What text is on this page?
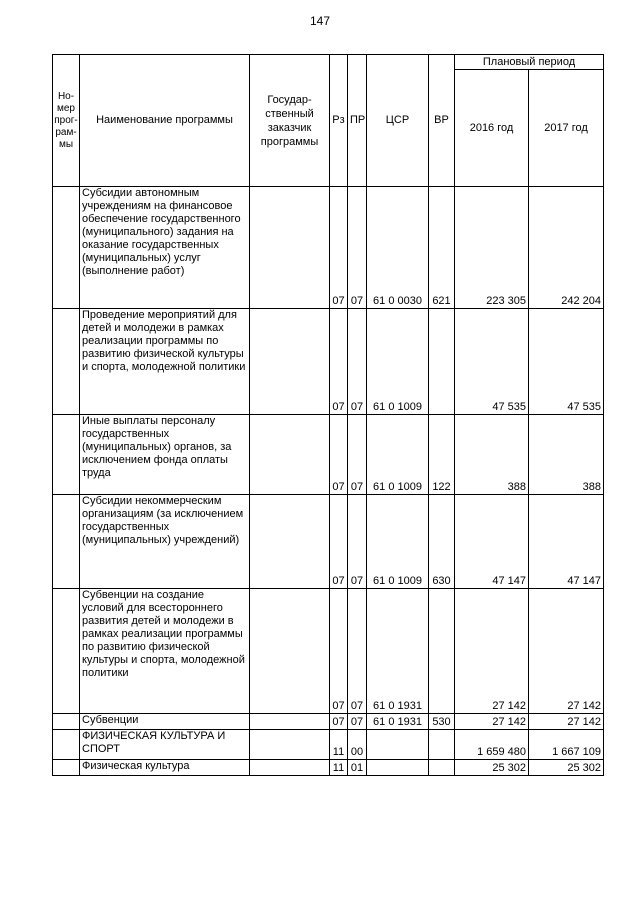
147
Но-
мер
прог-
рам-
мы	Наименование программы	Государ-
ственный
заказчик
программы	Рз	ПР	ЦСР	ВР	Плановый период	
							2016 год	2017 год
	Субсидии автономным учреждениям на финансовое обеспечение государственного (муниципального) задания на оказание государственных (муниципальных) услуг (выполнение работ)		07	07	61 0 0030	621	223 305	242 204
	Проведение мероприятий для детей и молодежи в рамках реализации программы по развитию физической культуры и спорта, молодежной политики		07	07	61 0 1009		47 535	47 535
	Иные выплаты персоналу государственных (муниципальных) органов, за исключением фонда оплаты труда		07	07	61 0 1009	122	388	388
	Субсидии некоммерческим организациям (за исключением государственных (муниципальных) учреждений)		07	07	61 0 1009	630	47 147	47 147
	Субвенции на создание условий для всестороннего развития детей и молодежи в рамках реализации программы по развитию физической культуры и спорта, молодежной политики		07	07	61 0 1931		27 142	27 142
	Субвенции		07	07	61 0 1931	530	27 142	27 142
	ФИЗИЧЕСКАЯ КУЛЬТУРА И СПОРТ		11	00			1 659 480	1 667 109
	Физическая культура		11	01			25 302	25 302
